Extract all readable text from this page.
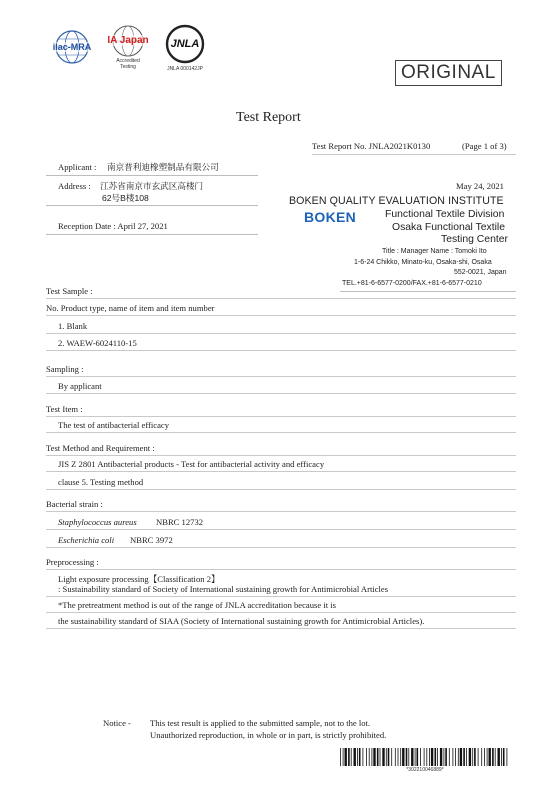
ilac-MRA
IA Japan
Accredited
Testing
JNLA
JNLA 000142JP	ORIGINAL
Test Report
Test Report No. JNLA2021K0130	(Page 1 of 3)
Applicant : 南京普利迪橡塑制品有限公司
Address : 江苏省南京市玄武区高楼门
62号B楼108
May 24, 2021
BOKEN QUALITY EVALUATION INSTITUTE
BOKEN	Functional Textile Division
Osaka Functional Textile
Testing Center
Title : Manager Name : Tomoki Ito
1-6-24 Chikko, Minato-ku, Osaka-shi, Osaka
552-0021, Japan
TEL.+81-6-6577-0200/FAX.+81-6-6577-0210
Reception Date : April 27, 2021
Test Sample :
No. Product type, name of item and item number
1. Blank
2. WAEW-6024110-15
Sampling :
By applicant
Test Item :
The test of antibacterial efficacy
Test Method and Requirement :
JIS Z 2801 Antibacterial products - Test for antibacterial activity and efficacy
clause 5. Testing method
Bacterial strain :
Staphylococcus aureus NBRC 12732
Escherichia coli NBRC 3972
Preprocessing :
Light exposure processing【Classification 2】
: Sustainability standard of Society of International sustaining growth for Antimicrobial Articles
*The pretreatment method is out of the range of JNLA accreditation because it is
the sustainability standard of SIAA (Society of International sustaining growth for Antimicrobial Articles).
Notice - This test result is applied to the submitted sample, not to the lot.
Unauthorized reproduction, in whole or in part, is strictly prohibited.
*302210046889*
